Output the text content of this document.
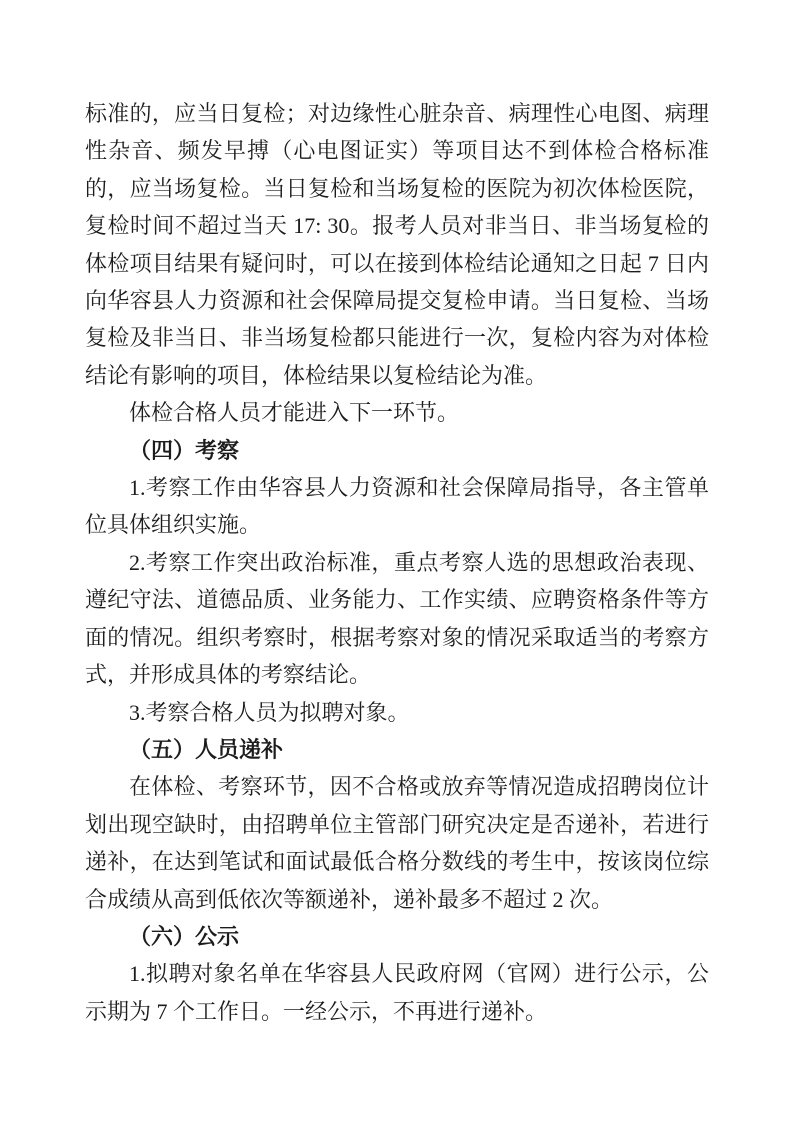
标准的，应当日复检；对边缘性心脏杂音、病理性心电图、病理性杂音、频发早搏（心电图证实）等项目达不到体检合格标准的，应当场复检。当日复检和当场复检的医院为初次体检医院，复检时间不超过当天 17: 30。报考人员对非当日、非当场复检的体检项目结果有疑问时，可以在接到体检结论通知之日起 7 日内向华容县人力资源和社会保障局提交复检申请。当日复检、当场复检及非当日、非当场复检都只能进行一次，复检内容为对体检结论有影响的项目，体检结果以复检结论为准。

体检合格人员才能进入下一环节。

（四）考察

1.考察工作由华容县人力资源和社会保障局指导，各主管单位具体组织实施。

2.考察工作突出政治标准，重点考察人选的思想政治表现、遵纪守法、道德品质、业务能力、工作实绩、应聘资格条件等方面的情况。组织考察时，根据考察对象的情况采取适当的考察方式，并形成具体的考察结论。

3.考察合格人员为拟聘对象。

（五）人员递补

在体检、考察环节，因不合格或放弃等情况造成招聘岗位计划出现空缺时，由招聘单位主管部门研究决定是否递补，若进行递补，在达到笔试和面试最低合格分数线的考生中，按该岗位综合成绩从高到低依次等额递补，递补最多不超过 2 次。

（六）公示

1.拟聘对象名单在华容县人民政府网（官网）进行公示，公示期为 7 个工作日。一经公示，不再进行递补。
